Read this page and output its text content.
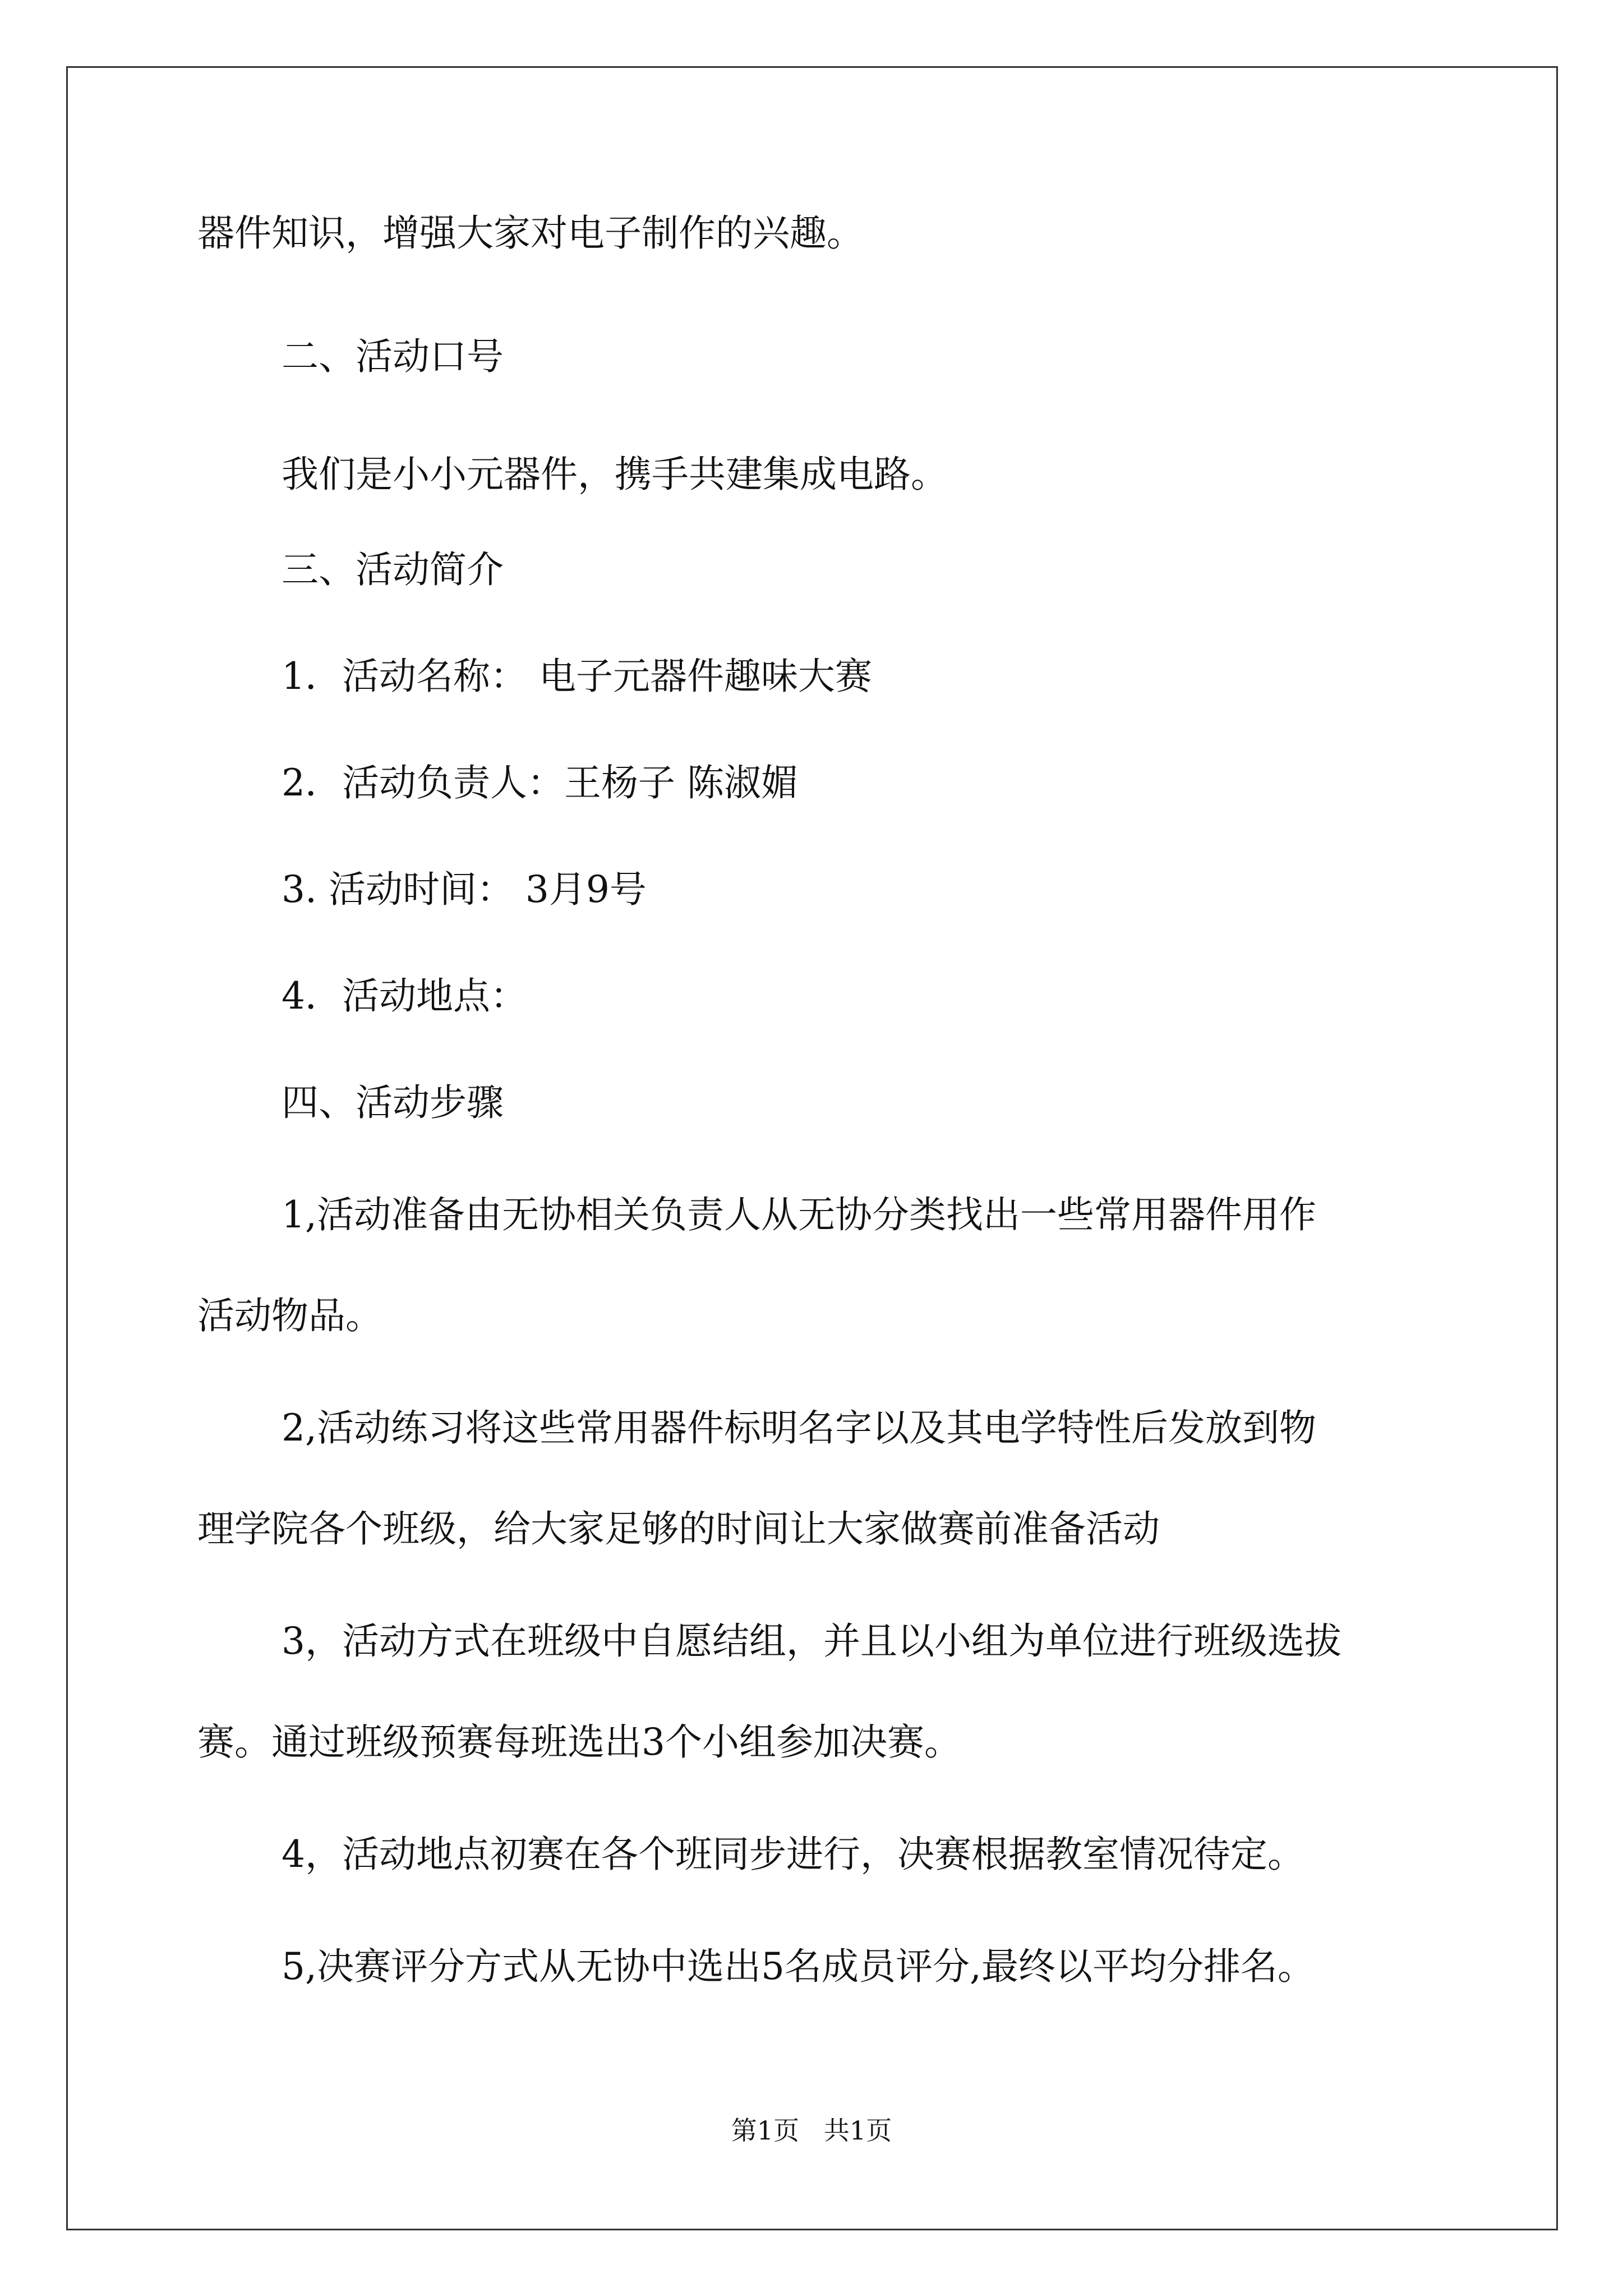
器件知识，增强大家对电子制作的兴趣。
二、活动口号
我们是小小元器件，携手共建集成电路。
三、活动简介
1．活动名称： 电子元器件趣味大赛
2．活动负责人：王杨子 陈淑媚
3. 活动时间： 3月9号
4．活动地点：
四、活动步骤
1,活动准备由无协相关负责人从无协分类找出一些常用器件用作
活动物品。
2,活动练习将这些常用器件标明名字以及其电学特性后发放到物
理学院各个班级，给大家足够的时间让大家做赛前准备活动
3，活动方式在班级中自愿结组，并且以小组为单位进行班级选拔
赛。通过班级预赛每班选出3个小组参加决赛。
4，活动地点初赛在各个班同步进行，决赛根据教室情况待定。
5,决赛评分方式从无协中选出5名成员评分,最终以平均分排名。
第1页   共1页
